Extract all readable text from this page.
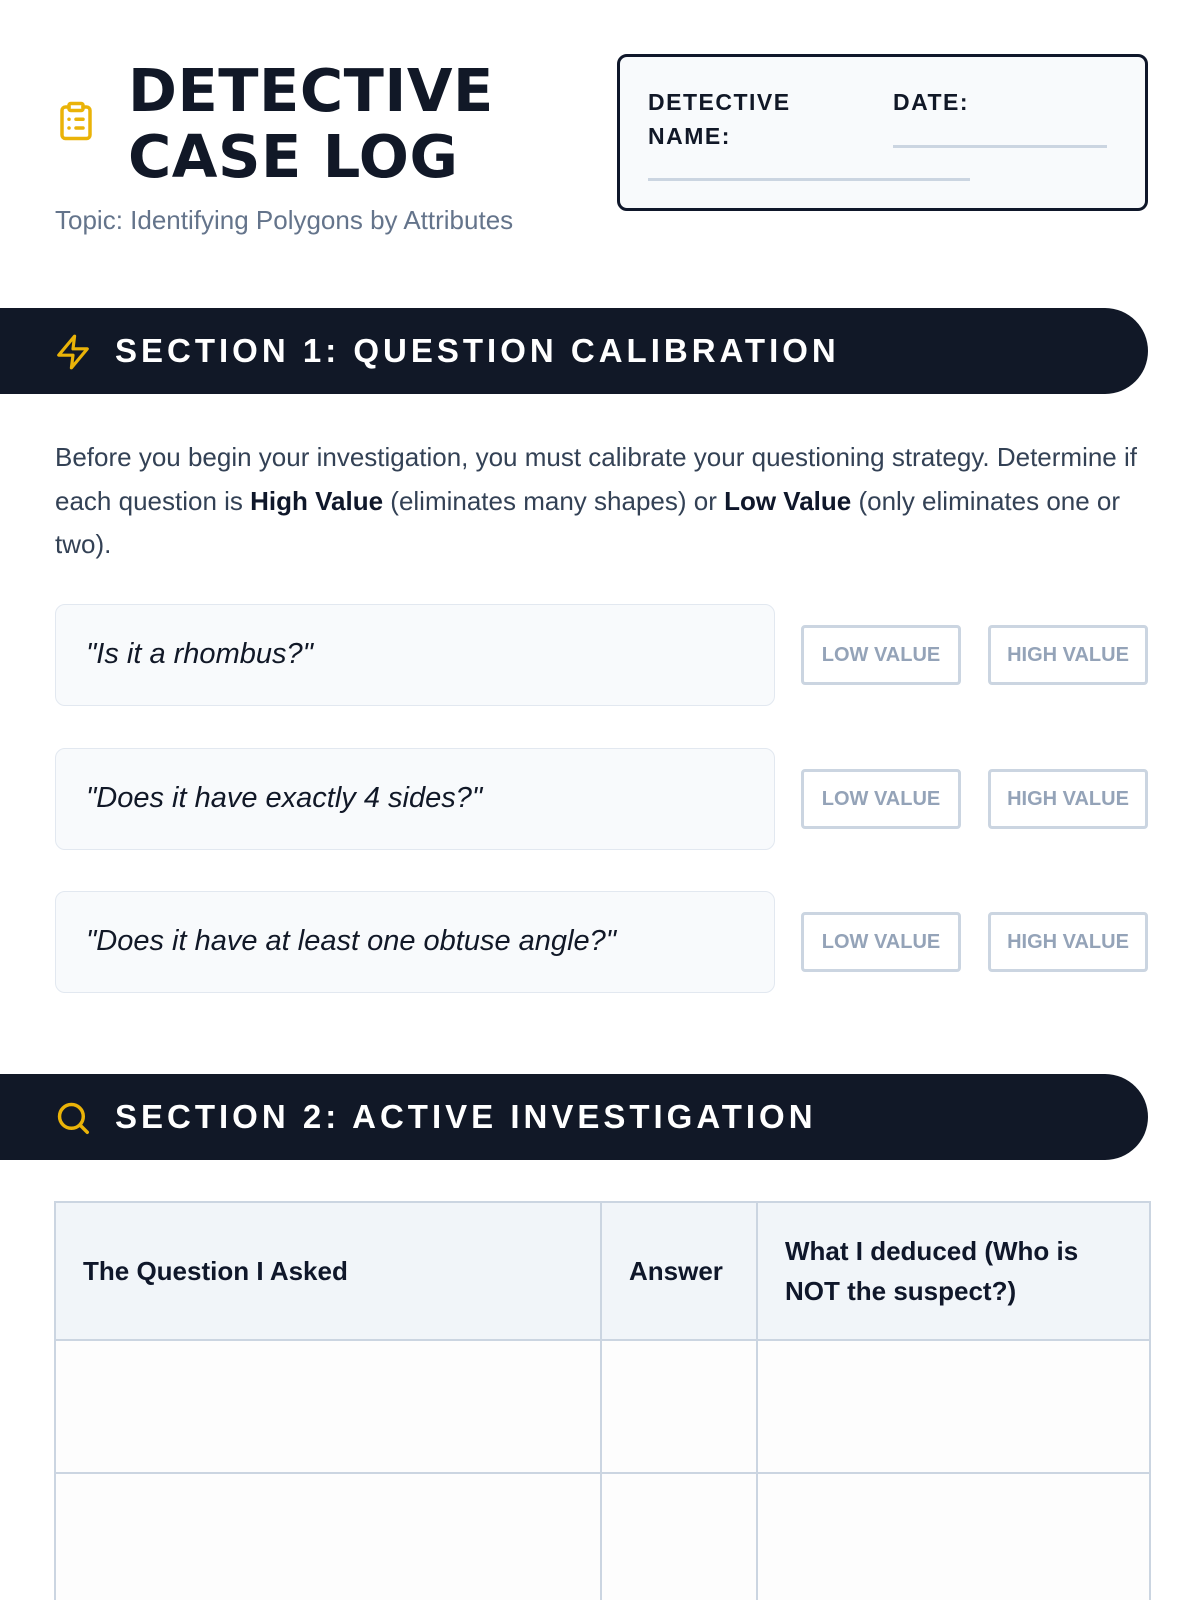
DETECTIVE CASE LOG
Topic: Identifying Polygons by Attributes
DETECTIVE NAME:
DATE:
SECTION 1: QUESTION CALIBRATION

Before you begin your investigation, you must calibrate your questioning strategy. Determine if each question is High Value (eliminates many shapes) or Low Value (only eliminates one or two).

"Is it a rhombus?"	LOW VALUE	HIGH VALUE
"Does it have exactly 4 sides?"	LOW VALUE	HIGH VALUE
"Does it have at least one obtuse angle?"	LOW VALUE	HIGH VALUE
SECTION 2: ACTIVE INVESTIGATION
The Question I Asked	Answer	What I deduced (Who is NOT the suspect?)
